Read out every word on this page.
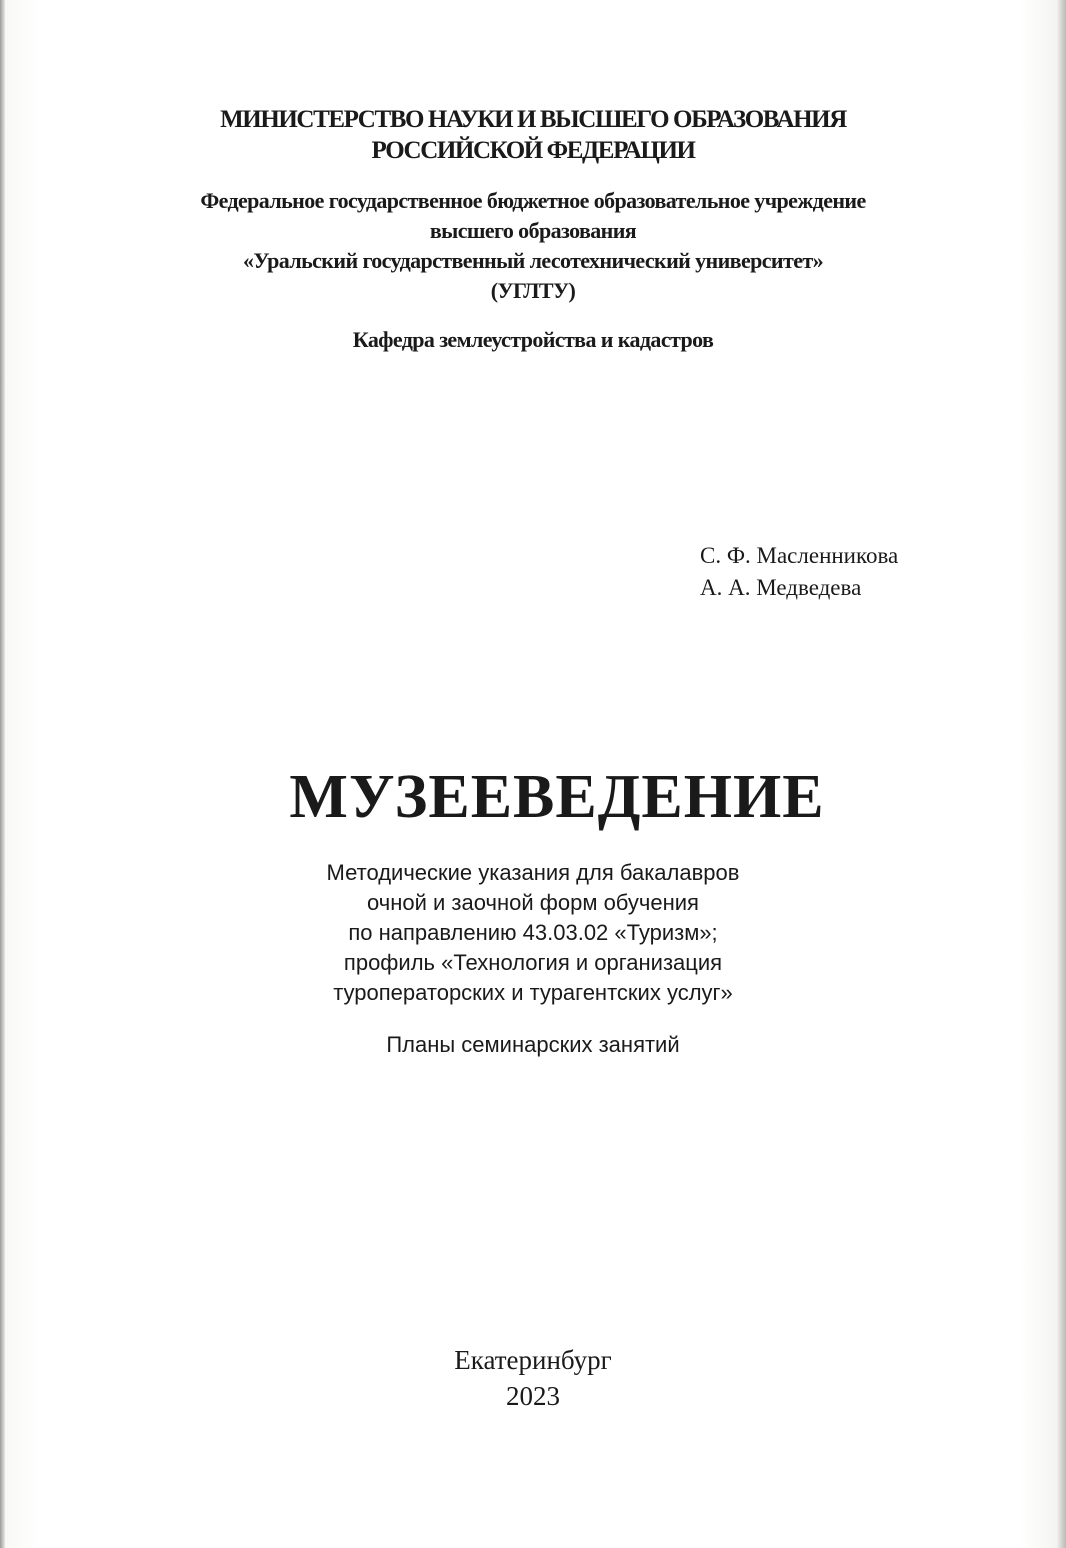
МИНИСТЕРСТВО НАУКИ И ВЫСШЕГО ОБРАЗОВАНИЯ
РОССИЙСКОЙ ФЕДЕРАЦИИ
Федеральное государственное бюджетное образовательное учреждение
высшего образования
«Уральский государственный лесотехнический университет»
(УГЛТУ)
Кафедра землеустройства и кадастров
С. Ф. Масленникова
А. А. Медведева
МУЗЕЕВЕДЕНИЕ
Методические указания для бакалавров
очной и заочной форм обучения
по направлению 43.03.02 «Туризм»;
профиль «Технология и организация
туроператорских и турагентских услуг»
Планы семинарских занятий
Екатеринбург
2023
